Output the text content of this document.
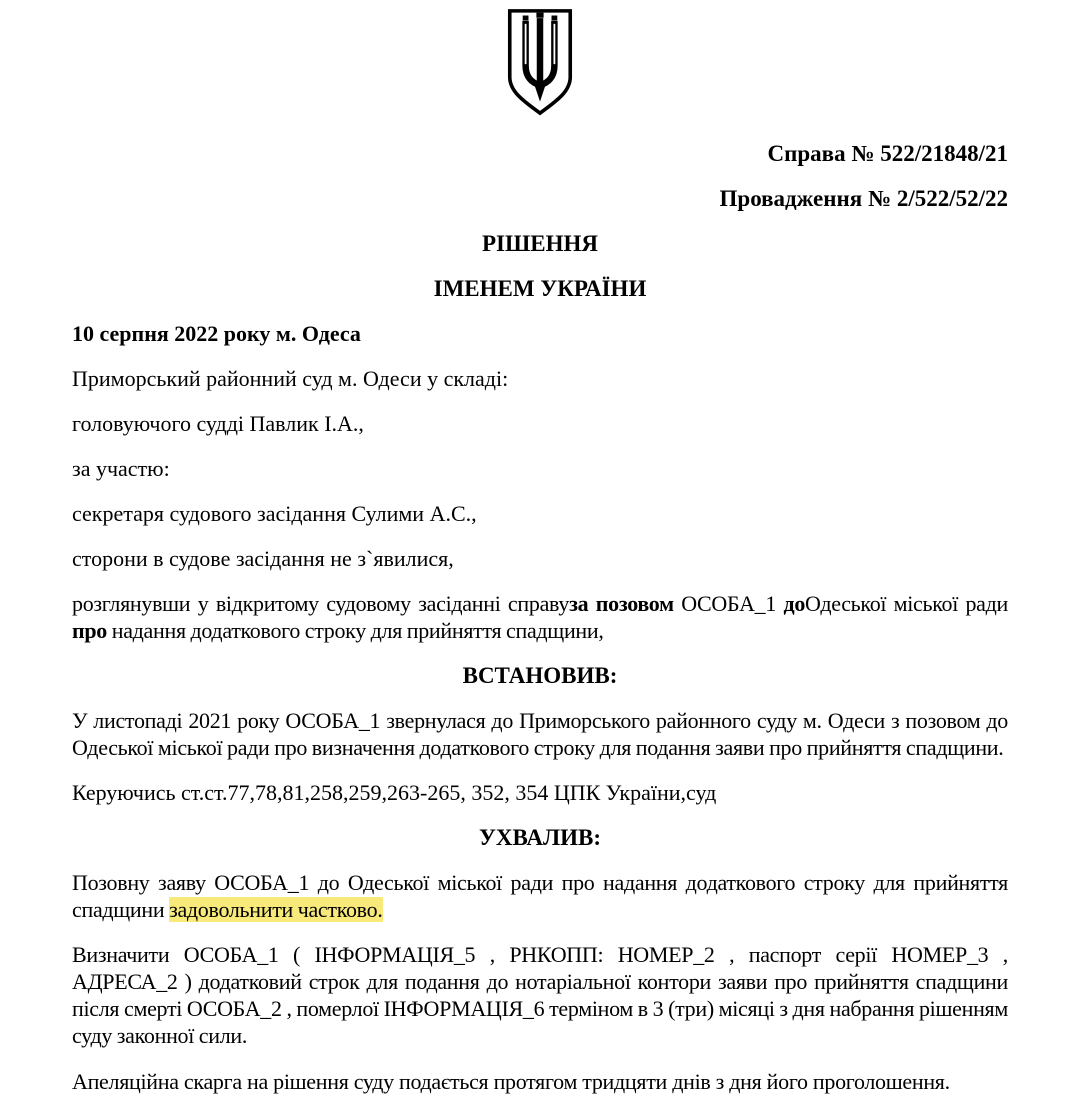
Справа № 522/21848/21
Провадження № 2/522/52/22
РІШЕННЯ
ІМЕНЕМ УКРАЇНИ
10 серпня 2022 року м. Одеса
Приморський районний суд м. Одеси у складі:
головуючого судді Павлик І.А.,
за участю:
секретаря судового засідання Сулими А.С.,
сторони в судове засідання не з`явилися,
розглянувши у відкритому судовому засіданні справуза позовом ОСОБА_1 доОдеської міської ради про надання додаткового строку для прийняття спадщини,
ВСТАНОВИВ:
У листопаді 2021 року ОСОБА_1 звернулася до Приморського районного суду м. Одеси з позовом до Одеської міської ради про визначення додаткового строку для подання заяви про прийняття спадщини.
Керуючись ст.ст.77,78,81,258,259,263-265, 352, 354 ЦПК України,суд
УХВАЛИВ:
Позовну заяву ОСОБА_1 до Одеської міської ради про надання додаткового строку для прийняття спадщини задовольнити частково.
Визначити ОСОБА_1 ( ІНФОРМАЦІЯ_5 , РНКОПП: НОМЕР_2 , паспорт серії НОМЕР_3 , АДРЕСА_2 ) додатковий строк для подання до нотаріальної контори заяви про прийняття спадщини після смерті ОСОБА_2 , померлої ІНФОРМАЦІЯ_6 терміном в 3 (три) місяці з дня набрання рішенням суду законної сили.
Апеляційна скарга на рішення суду подається протягом тридцяти днів з дня його проголошення.
